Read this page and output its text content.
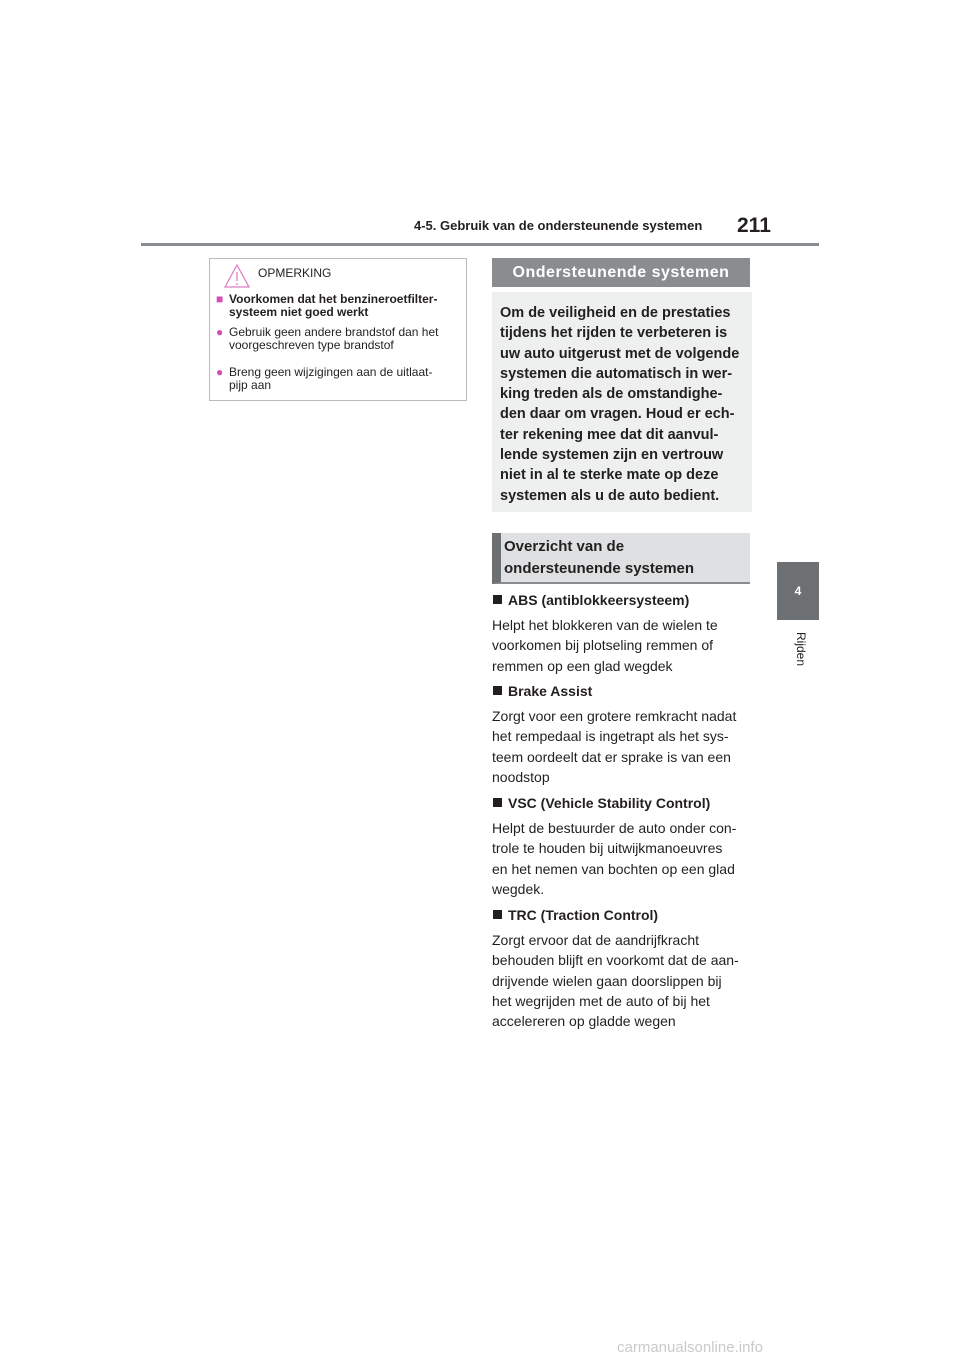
4-5. Gebruik van de ondersteunende systemen 211
4
Rijden
OPMERKING
■ Voorkomen dat het benzineroetfilter-
systeem niet goed werkt
● Gebruik geen andere brandstof dan het
voorgeschreven type brandstof
● Breng geen wijzigingen aan de uitlaat-
pijp aan
Ondersteunende systemen
Om de veiligheid en de prestaties
tijdens het rijden te verbeteren is
uw auto uitgerust met de volgende
systemen die automatisch in wer-
king treden als de omstandighe-
den daar om vragen. Houd er ech-
ter rekening mee dat dit aanvul-
lende systemen zijn en vertrouw
niet in al te sterke mate op deze
systemen als u de auto bedient.
Overzicht van de
ondersteunende systemen
ABS (antiblokkeersysteem)
Helpt het blokkeren van de wielen te
voorkomen bij plotseling remmen of
remmen op een glad wegdek
Brake Assist
Zorgt voor een grotere remkracht nadat
het rempedaal is ingetrapt als het sys-
teem oordeelt dat er sprake is van een
noodstop
VSC (Vehicle Stability Control)
Helpt de bestuurder de auto onder con-
trole te houden bij uitwijkmanoeuvres
en het nemen van bochten op een glad
wegdek.
TRC (Traction Control)
Zorgt ervoor dat de aandrijfkracht
behouden blijft en voorkomt dat de aan-
drijvende wielen gaan doorslippen bij
het wegrijden met de auto of bij het
accelereren op gladde wegen
carmanualsonline.info
